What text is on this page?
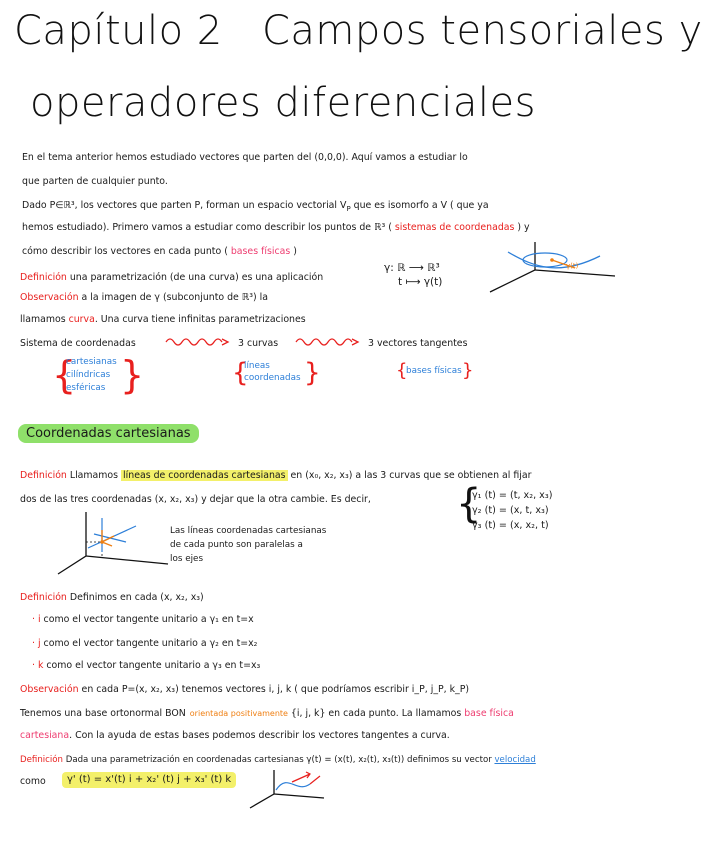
Capítulo 2 Campos tensoriales y
operadores diferenciales
En el tema anterior hemos estudiado vectores que parten del (0,0,0). Aquí vamos a estudiar lo
que parten de cualquier punto.
Dado P∈ℝ³, los vectores que parten P, forman un espacio vectorial $V_P$ que es isomorfo a V ( que ya
hemos estudiado). Primero vamos a estudiar como describir los puntos de ℝ³ ( sistemas de coordenadas ) y
cómo describir los vectores en cada punto ( bases físicas )
Definición una parametrización (de una curva) es una aplicación
γ: ℝ ⟶ ℝ³
t ⟼ γ(t)
γ(t)
Observación a la imagen de γ (subconjunto de ℝ³) la
llamamos curva. Una curva tiene infinitas parametrizaciones
Sistema de coordenadas	3 curvas	3 vectores tangentes
{
cartesianas
cilíndricas
esféricas }	{
líneas
coordenadas }	{
bases físicas }
Coordenadas cartesianas
Definición Llamamos líneas de coordenadas cartesianas en (x₀, x₂, x₃) a las 3 curvas que se obtienen al fijar
dos de las tres coordenadas (x, x₂, x₃) y dejar que la otra cambie. Es decir, {
γ₁ (t) = (t, x₂, x₃)
γ₂ (t) = (x, t, x₃)
γ₃ (t) = (x, x₂, t)
Las líneas coordenadas cartesianas
de cada punto son paralelas a
los ejes
Definición Definimos en cada (x, x₂, x₃)
· i como el vector tangente unitario a γ₁ en t=x
· j como el vector tangente unitario a γ₂ en t=x₂
· k como el vector tangente unitario a γ₃ en t=x₃
Observación en cada P=(x, x₂, x₃) tenemos vectores i, j, k ( que podríamos escribir i_P, j_P, k_P)
Tenemos una base ortonormal BON orientada positivamente {i, j, k} en cada punto. La llamamos base física
cartesiana. Con la ayuda de estas bases podemos describir los vectores tangentes a curva.
Definición Dada una parametrización en coordenadas cartesianas γ(t) = (x(t), x₂(t), x₃(t)) definimos su vector velocidad
como	γ' (t) = x'(t) i + x₂' (t) j + x₃' (t) k
